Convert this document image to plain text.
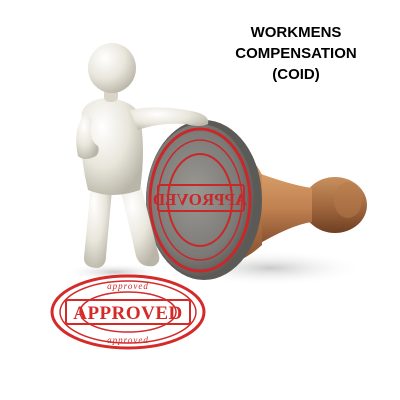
APPROVED
approved
approved
APPROVED
WORKMENS
COMPENSATION
(COID)
